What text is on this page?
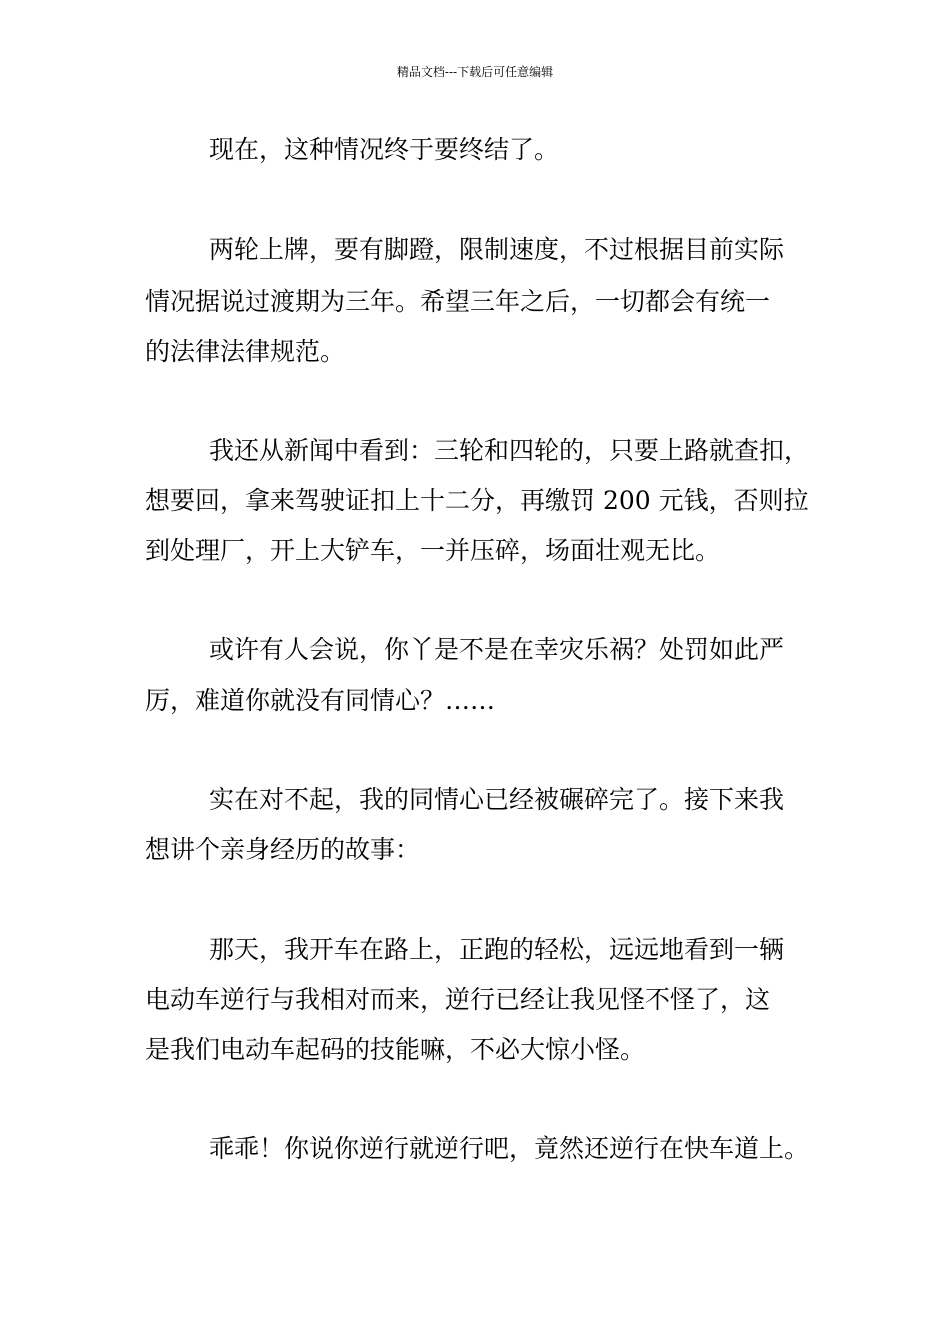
精品文档---下载后可任意编辑
现在，这种情况终于要终结了。
两轮上牌，要有脚蹬，限制速度，不过根据目前实际
情况据说过渡期为三年。希望三年之后，一切都会有统一
的法律法律规范。
我还从新闻中看到：三轮和四轮的，只要上路就查扣，
想要回，拿来驾驶证扣上十二分，再缴罚 200 元钱，否则拉
到处理厂，开上大铲车，一并压碎，场面壮观无比。
或许有人会说，你丫是不是在幸灾乐祸？处罚如此严
厉，难道你就没有同情心？……
实在对不起，我的同情心已经被碾碎完了。接下来我
想讲个亲身经历的故事：
那天，我开车在路上，正跑的轻松，远远地看到一辆
电动车逆行与我相对而来，逆行已经让我见怪不怪了，这
是我们电动车起码的技能嘛，不必大惊小怪。
乖乖！你说你逆行就逆行吧，竟然还逆行在快车道上。
